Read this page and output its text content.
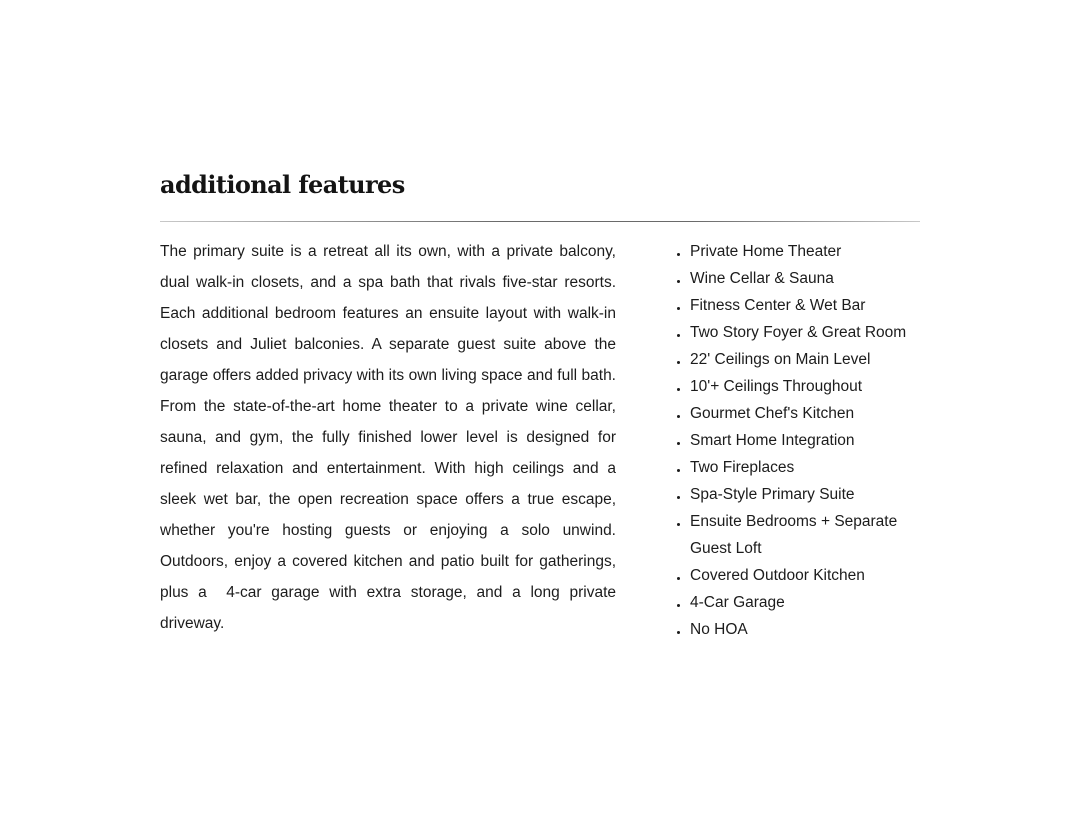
additional features

The primary suite is a retreat all its own, with a private balcony, dual walk-in closets, and a spa bath that rivals five-star resorts. Each additional bedroom features an ensuite layout with walk-in closets and Juliet balconies. A separate guest suite above the garage offers added privacy with its own living space and full bath. From the state-of-the-art home theater to a private wine cellar, sauna, and gym, the fully finished lower level is designed for refined relaxation and entertainment. With high ceilings and a sleek wet bar, the open recreation space offers a true escape, whether you're hosting guests or enjoying a solo unwind. Outdoors, enjoy a covered kitchen and patio built for gatherings, plus a  4-car garage with extra storage, and a long private driveway.

Private Home Theater
Wine Cellar & Sauna
Fitness Center & Wet Bar
Two Story Foyer & Great Room
22' Ceilings on Main Level
10'+ Ceilings Throughout
Gourmet Chef's Kitchen
Smart Home Integration
Two Fireplaces
Spa-Style Primary Suite
Ensuite Bedrooms + Separate Guest Loft
Covered Outdoor Kitchen
4-Car Garage
No HOA
